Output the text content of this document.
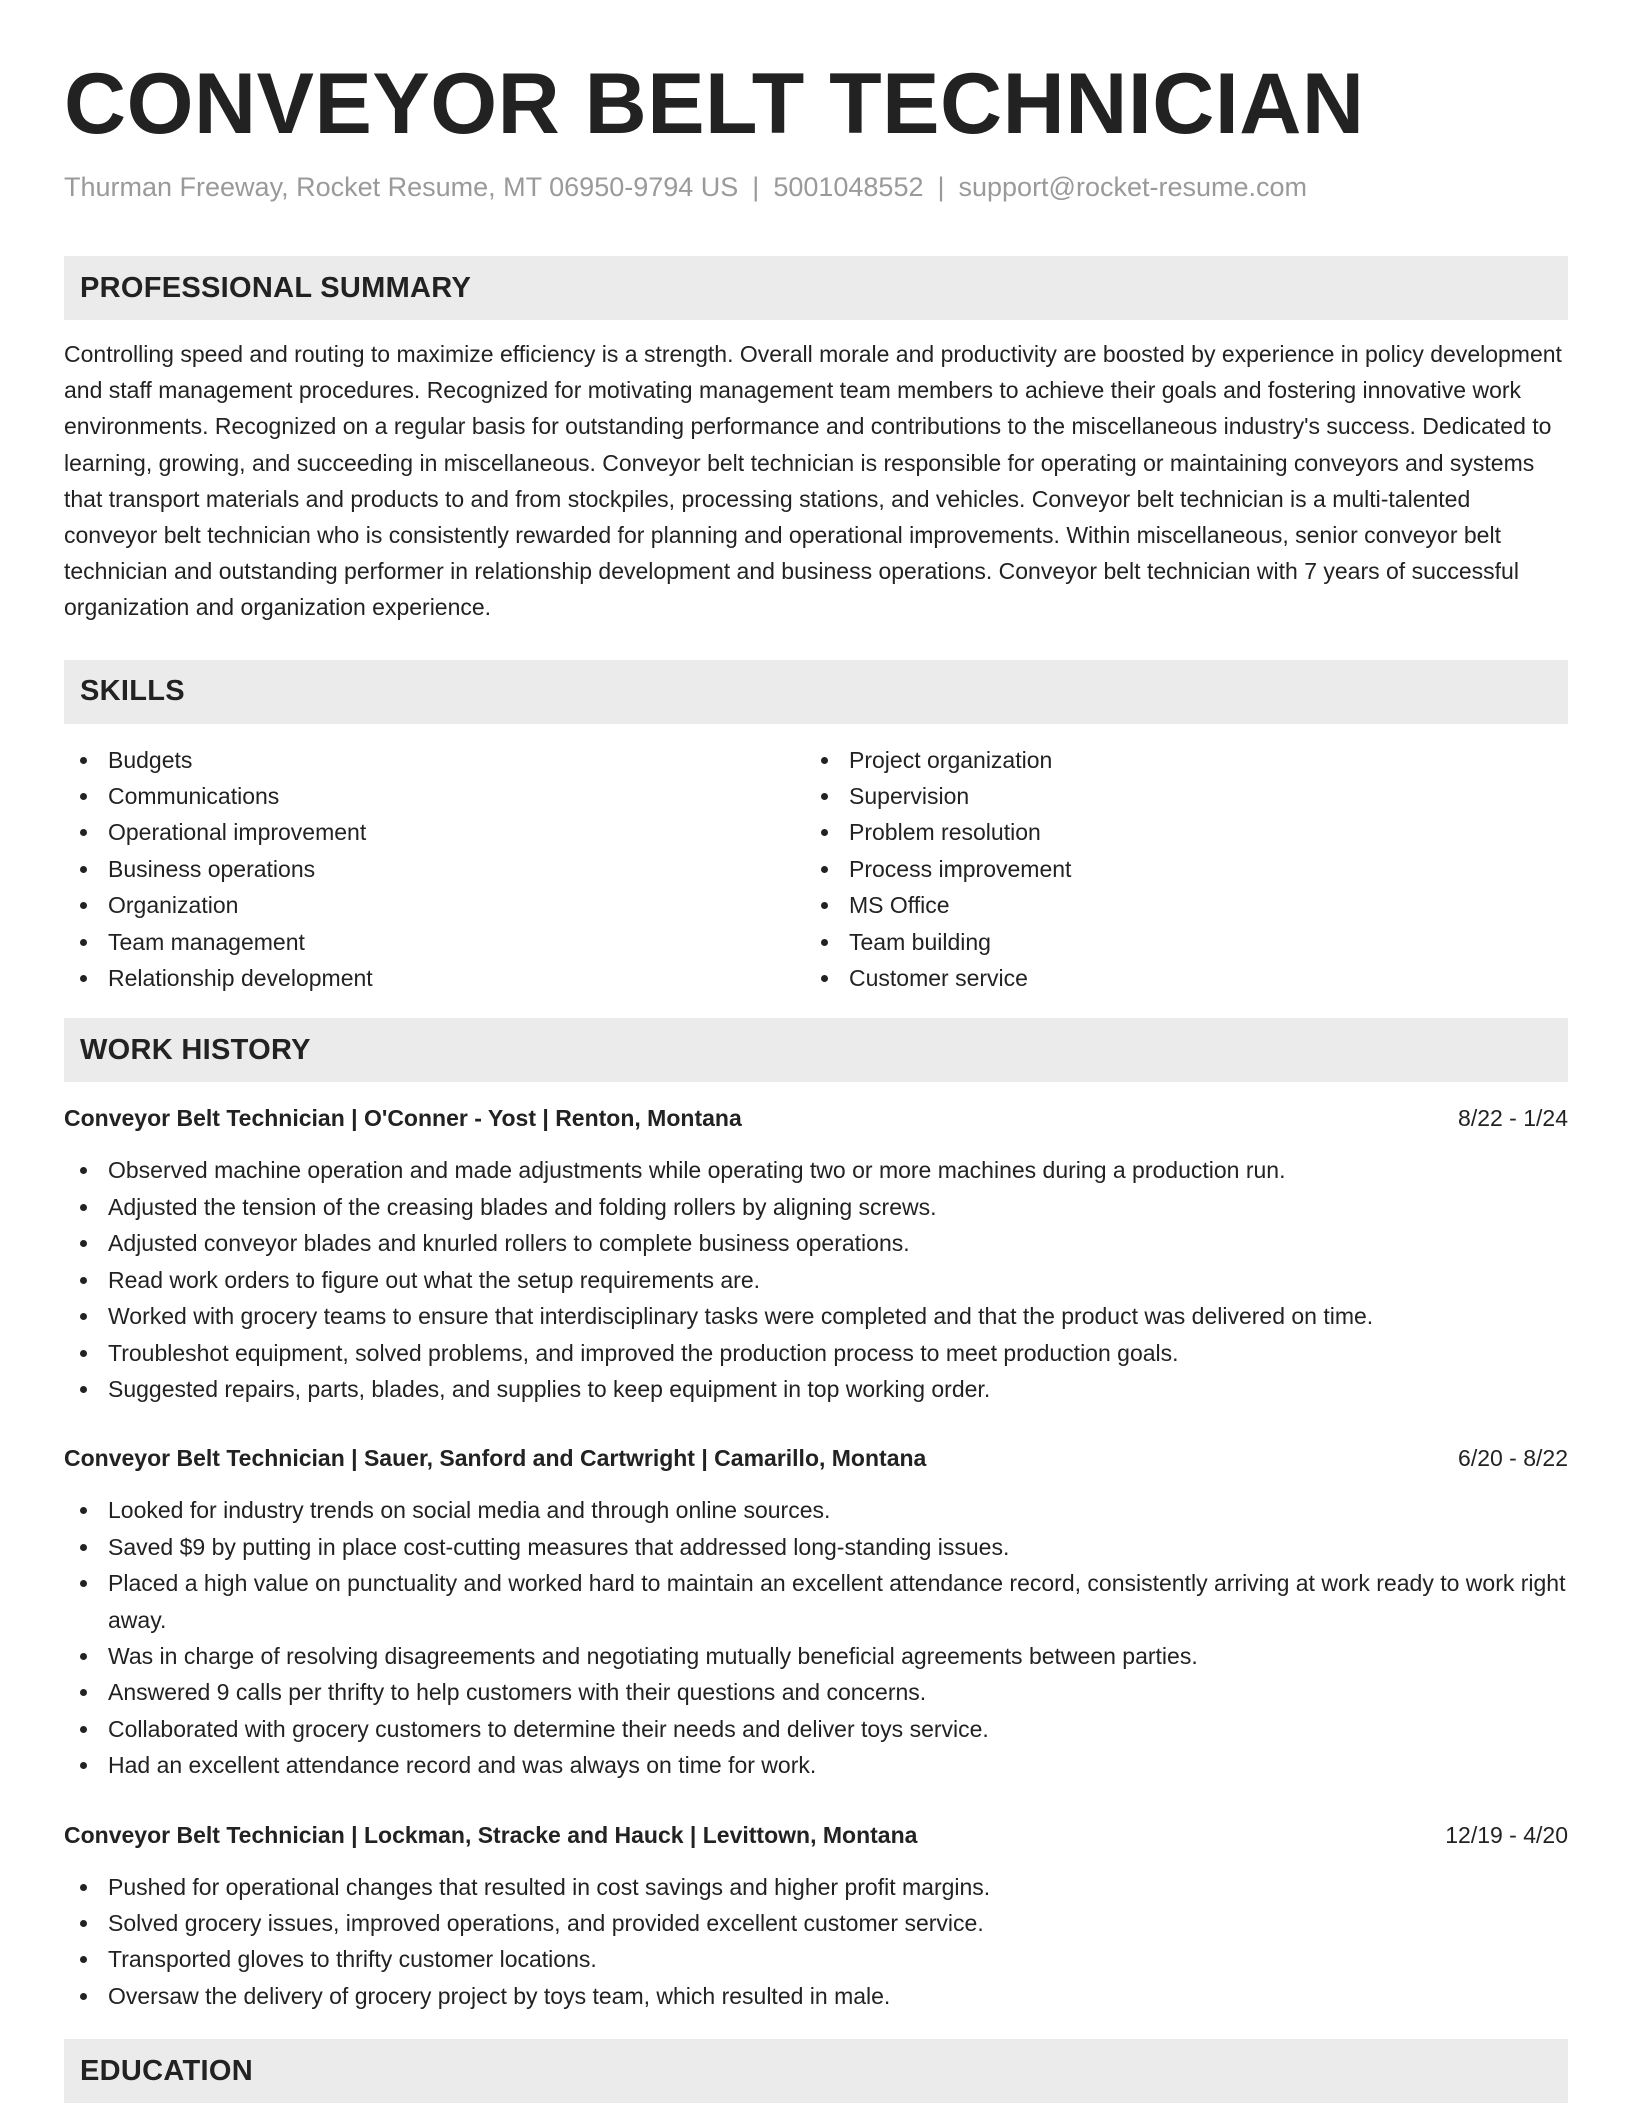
CONVEYOR BELT TECHNICIAN
Thurman Freeway, Rocket Resume, MT 06950-9794 US | 5001048552 | support@rocket-resume.com
PROFESSIONAL SUMMARY
Controlling speed and routing to maximize efficiency is a strength. Overall morale and productivity are boosted by experience in policy development and staff management procedures. Recognized for motivating management team members to achieve their goals and fostering innovative work environments. Recognized on a regular basis for outstanding performance and contributions to the miscellaneous industry's success. Dedicated to learning, growing, and succeeding in miscellaneous. Conveyor belt technician is responsible for operating or maintaining conveyors and systems that transport materials and products to and from stockpiles, processing stations, and vehicles. Conveyor belt technician is a multi-talented conveyor belt technician who is consistently rewarded for planning and operational improvements. Within miscellaneous, senior conveyor belt technician and outstanding performer in relationship development and business operations. Conveyor belt technician with 7 years of successful organization and organization experience.
SKILLS
Budgets
Communications
Operational improvement
Business operations
Organization
Team management
Relationship development
Project organization
Supervision
Problem resolution
Process improvement
MS Office
Team building
Customer service
WORK HISTORY
Conveyor Belt Technician | O'Conner - Yost | Renton, Montana	8/22 - 1/24
Observed machine operation and made adjustments while operating two or more machines during a production run.
Adjusted the tension of the creasing blades and folding rollers by aligning screws.
Adjusted conveyor blades and knurled rollers to complete business operations.
Read work orders to figure out what the setup requirements are.
Worked with grocery teams to ensure that interdisciplinary tasks were completed and that the product was delivered on time.
Troubleshot equipment, solved problems, and improved the production process to meet production goals.
Suggested repairs, parts, blades, and supplies to keep equipment in top working order.
Conveyor Belt Technician | Sauer, Sanford and Cartwright | Camarillo, Montana	6/20 - 8/22
Looked for industry trends on social media and through online sources.
Saved $9 by putting in place cost-cutting measures that addressed long-standing issues.
Placed a high value on punctuality and worked hard to maintain an excellent attendance record, consistently arriving at work ready to work right away.
Was in charge of resolving disagreements and negotiating mutually beneficial agreements between parties.
Answered 9 calls per thrifty to help customers with their questions and concerns.
Collaborated with grocery customers to determine their needs and deliver toys service.
Had an excellent attendance record and was always on time for work.
Conveyor Belt Technician | Lockman, Stracke and Hauck | Levittown, Montana	12/19 - 4/20
Pushed for operational changes that resulted in cost savings and higher profit margins.
Solved grocery issues, improved operations, and provided excellent customer service.
Transported gloves to thrifty customer locations.
Oversaw the delivery of grocery project by toys team, which resulted in male.
EDUCATION
